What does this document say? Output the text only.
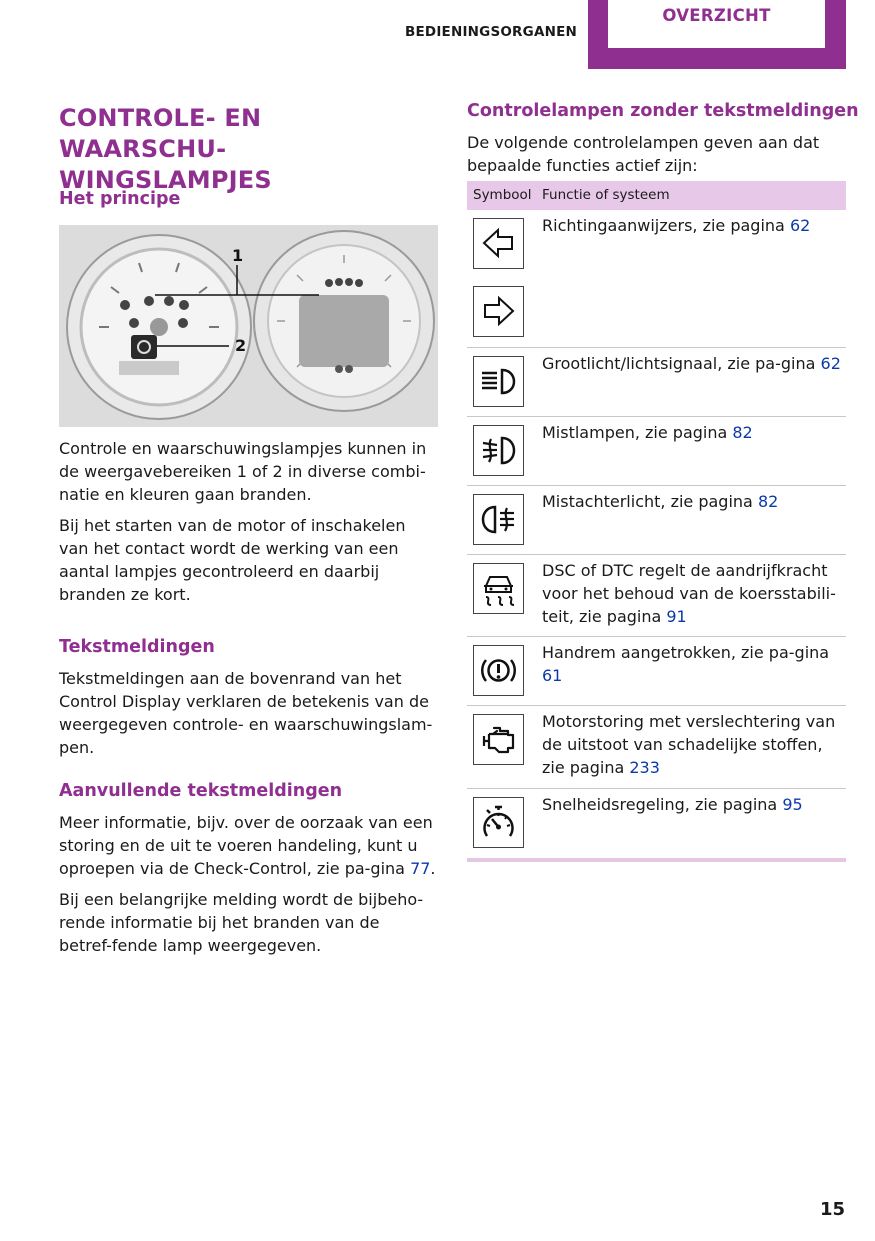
BEDIENINGSORGANEN
OVERZICHT
CONTROLE- EN WAARSCHU-
WINGSLAMPJES
Het principe
1
2

Controle en waarschuwingslampjes kunnen in de weergavebereiken 1 of 2 in diverse combi-natie en kleuren gaan branden.

Bij het starten van de motor of inschakelen van het contact wordt de werking van een aantal lampjes gecontroleerd en daarbij branden ze kort.

Tekstmeldingen

Tekstmeldingen aan de bovenrand van het Control Display verklaren de betekenis van de weergegeven controle- en waarschuwingslam-pen.

Aanvullende tekstmeldingen

Meer informatie, bijv. over de oorzaak van een storing en de uit te voeren handeling, kunt u oproepen via de Check-Control, zie pa-gina 77.

Bij een belangrijke melding wordt de bijbeho-rende informatie bij het branden van de betref-fende lamp weergegeven.

Controlelampen zonder tekstmeldingen
De volgende controlelampen geven aan dat bepaalde functies actief zijn:
Symbool Functie of systeem
Richtingaanwijzers, zie pagina 62
Grootlicht/lichtsignaal, zie pa-gina 62
Mistlampen, zie pagina 82
Mistachterlicht, zie pagina 82
DSC of DTC regelt de aandrijfkracht voor het behoud van de koersstabili-teit, zie pagina 91
Handrem aangetrokken, zie pa-gina 61
Motorstoring met verslechtering van de uitstoot van schadelijke stoffen, zie pagina 233
Snelheidsregeling, zie pagina 95
15
